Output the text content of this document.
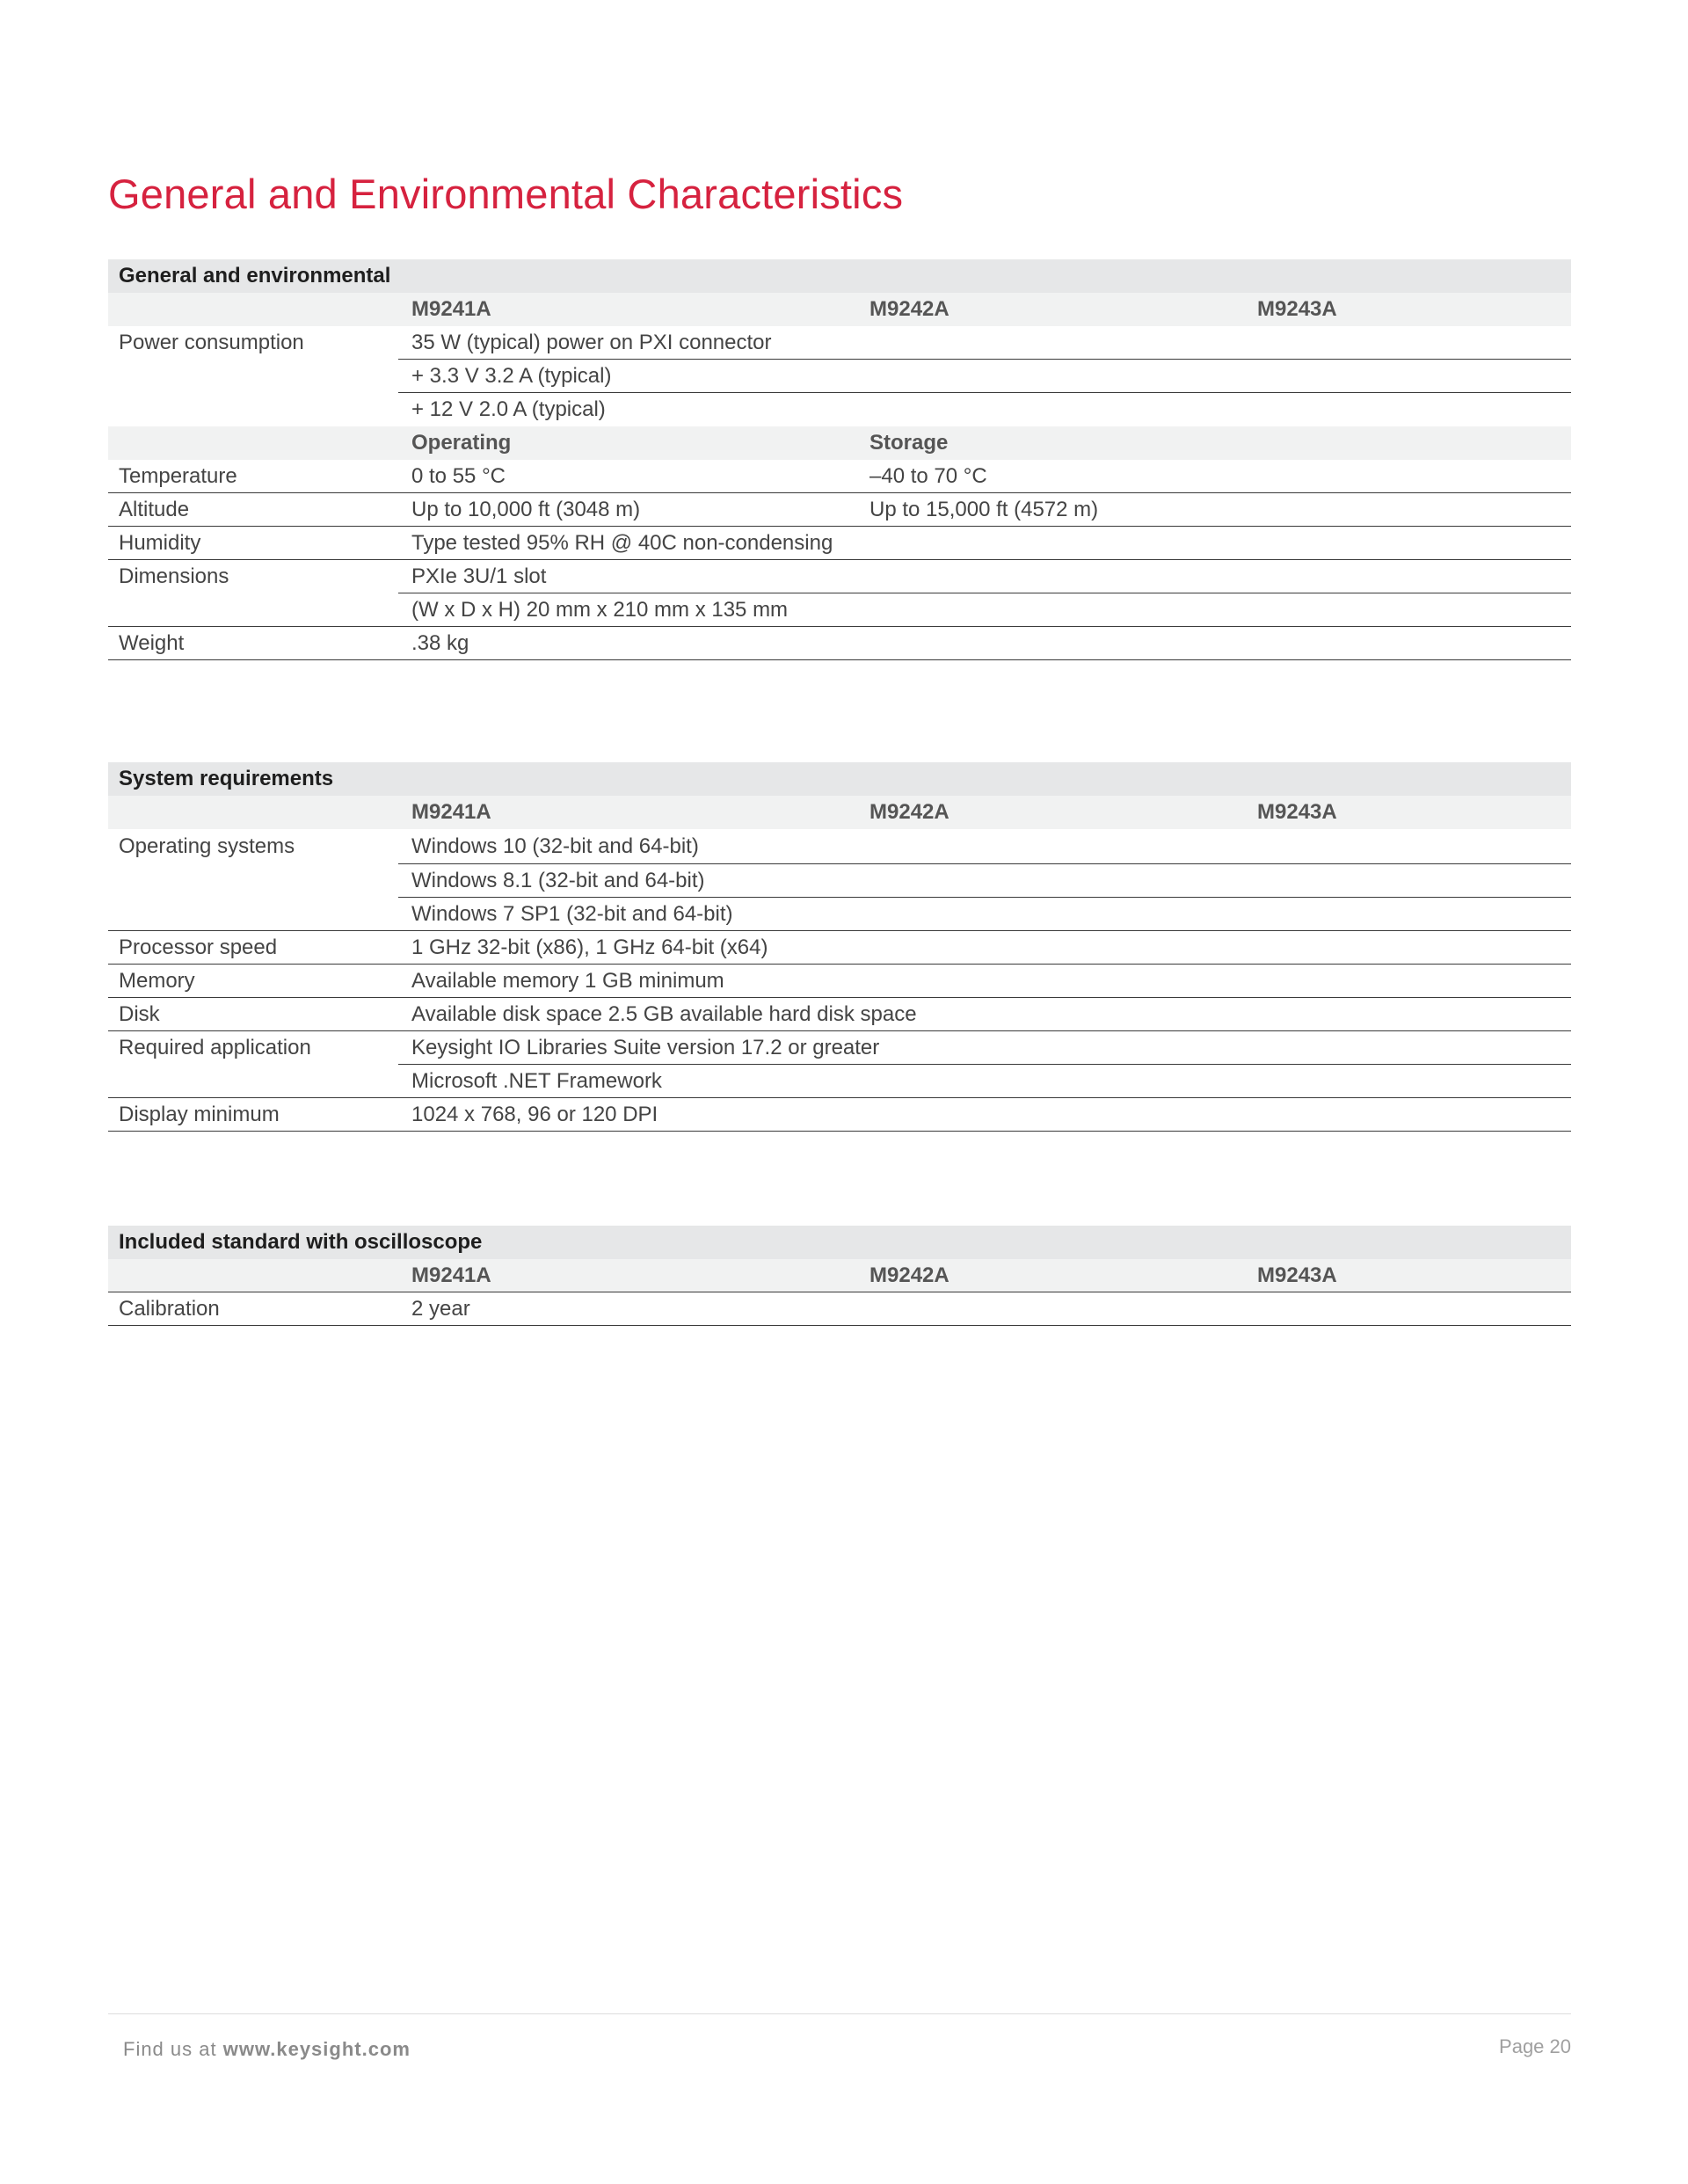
General and Environmental Characteristics
General and environmental
M9241A	M9242A	M9243A
Power consumption	35 W (typical) power on PXI connector
+ 3.3 V 3.2 A (typical)
+ 12 V 2.0 A (typical)
Operating	Storage
Temperature	0 to 55 °C	–40 to 70 °C
Altitude	Up to 10,000 ft (3048 m)	Up to 15,000 ft (4572 m)
Humidity	Type tested 95% RH @ 40C non-condensing
Dimensions	PXIe 3U/1 slot
(W x D x H) 20 mm x 210 mm x 135 mm
Weight	.38 kg
System requirements
M9241A	M9242A	M9243A
Operating systems	Windows 10 (32-bit and 64-bit)
Windows 8.1 (32-bit and 64-bit)
Windows 7 SP1 (32-bit and 64-bit)
Processor speed	1 GHz 32-bit (x86), 1 GHz 64-bit (x64)
Memory	Available memory 1 GB minimum
Disk	Available disk space 2.5 GB available hard disk space
Required application	Keysight IO Libraries Suite version 17.2 or greater
Microsoft .NET Framework
Display minimum	1024 x 768, 96 or 120 DPI
Included standard with oscilloscope
M9241A	M9242A	M9243A
Calibration	2 year
Find us at www.keysight.com	Page 20
